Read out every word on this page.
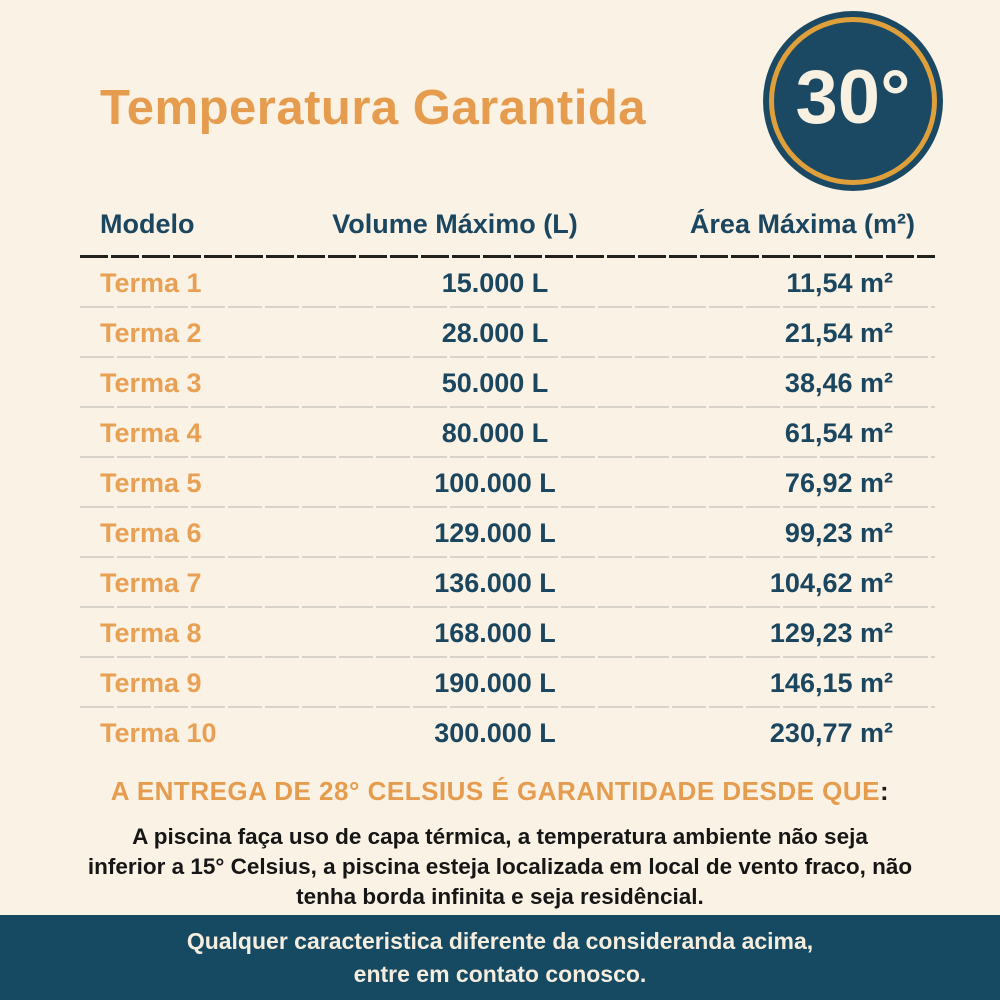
Temperatura Garantida	30°
Modelo	Volume Máximo (L)	Área Máxima (m²)
Terma 1	15.000 L	11,54 m²
Terma 2	28.000 L	21,54 m²
Terma 3	50.000 L	38,46 m²
Terma 4	80.000 L	61,54 m²
Terma 5	100.000 L	76,92 m²
Terma 6	129.000 L	99,23 m²
Terma 7	136.000 L	104,62 m²
Terma 8	168.000 L	129,23 m²
Terma 9	190.000 L	146,15 m²
Terma 10	300.000 L	230,77 m²
A ENTREGA DE 28° CELSIUS É GARANTIDADE DESDE QUE:
A piscina faça uso de capa térmica, a temperatura ambiente não seja
inferior a 15° Celsius, a piscina esteja localizada em local de vento fraco, não
tenha borda infinita e seja residêncial.
Qualquer caracteristica diferente da consideranda acima,
entre em contato conosco.
